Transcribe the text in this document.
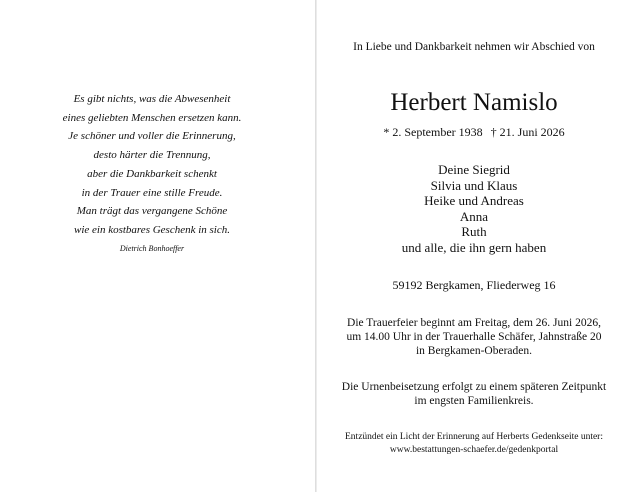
Es gibt nichts, was die Abwesenheit
eines geliebten Menschen ersetzen kann.
Je schöner und voller die Erinnerung,
desto härter die Trennung,
aber die Dankbarkeit schenkt
in der Trauer eine stille Freude.
Man trägt das vergangene Schöne
wie ein kostbares Geschenk in sich.
Dietrich Bonhoeffer
In Liebe und Dankbarkeit nehmen wir Abschied von
Herbert Namislo
* 2. September 1938 † 21. Juni 2026
Deine Siegrid
Silvia und Klaus
Heike und Andreas
Anna
Ruth
und alle, die ihn gern haben
59192 Bergkamen, Fliederweg 16
Die Trauerfeier beginnt am Freitag, dem 26. Juni 2026,
um 14.00 Uhr in der Trauerhalle Schäfer, Jahnstraße 20
in Bergkamen-Oberaden.
Die Urnenbeisetzung erfolgt zu einem späteren Zeitpunkt
im engsten Familienkreis.
Entzündet ein Licht der Erinnerung auf Herberts Gedenkseite unter:
www.bestattungen-schaefer.de/gedenkportal
